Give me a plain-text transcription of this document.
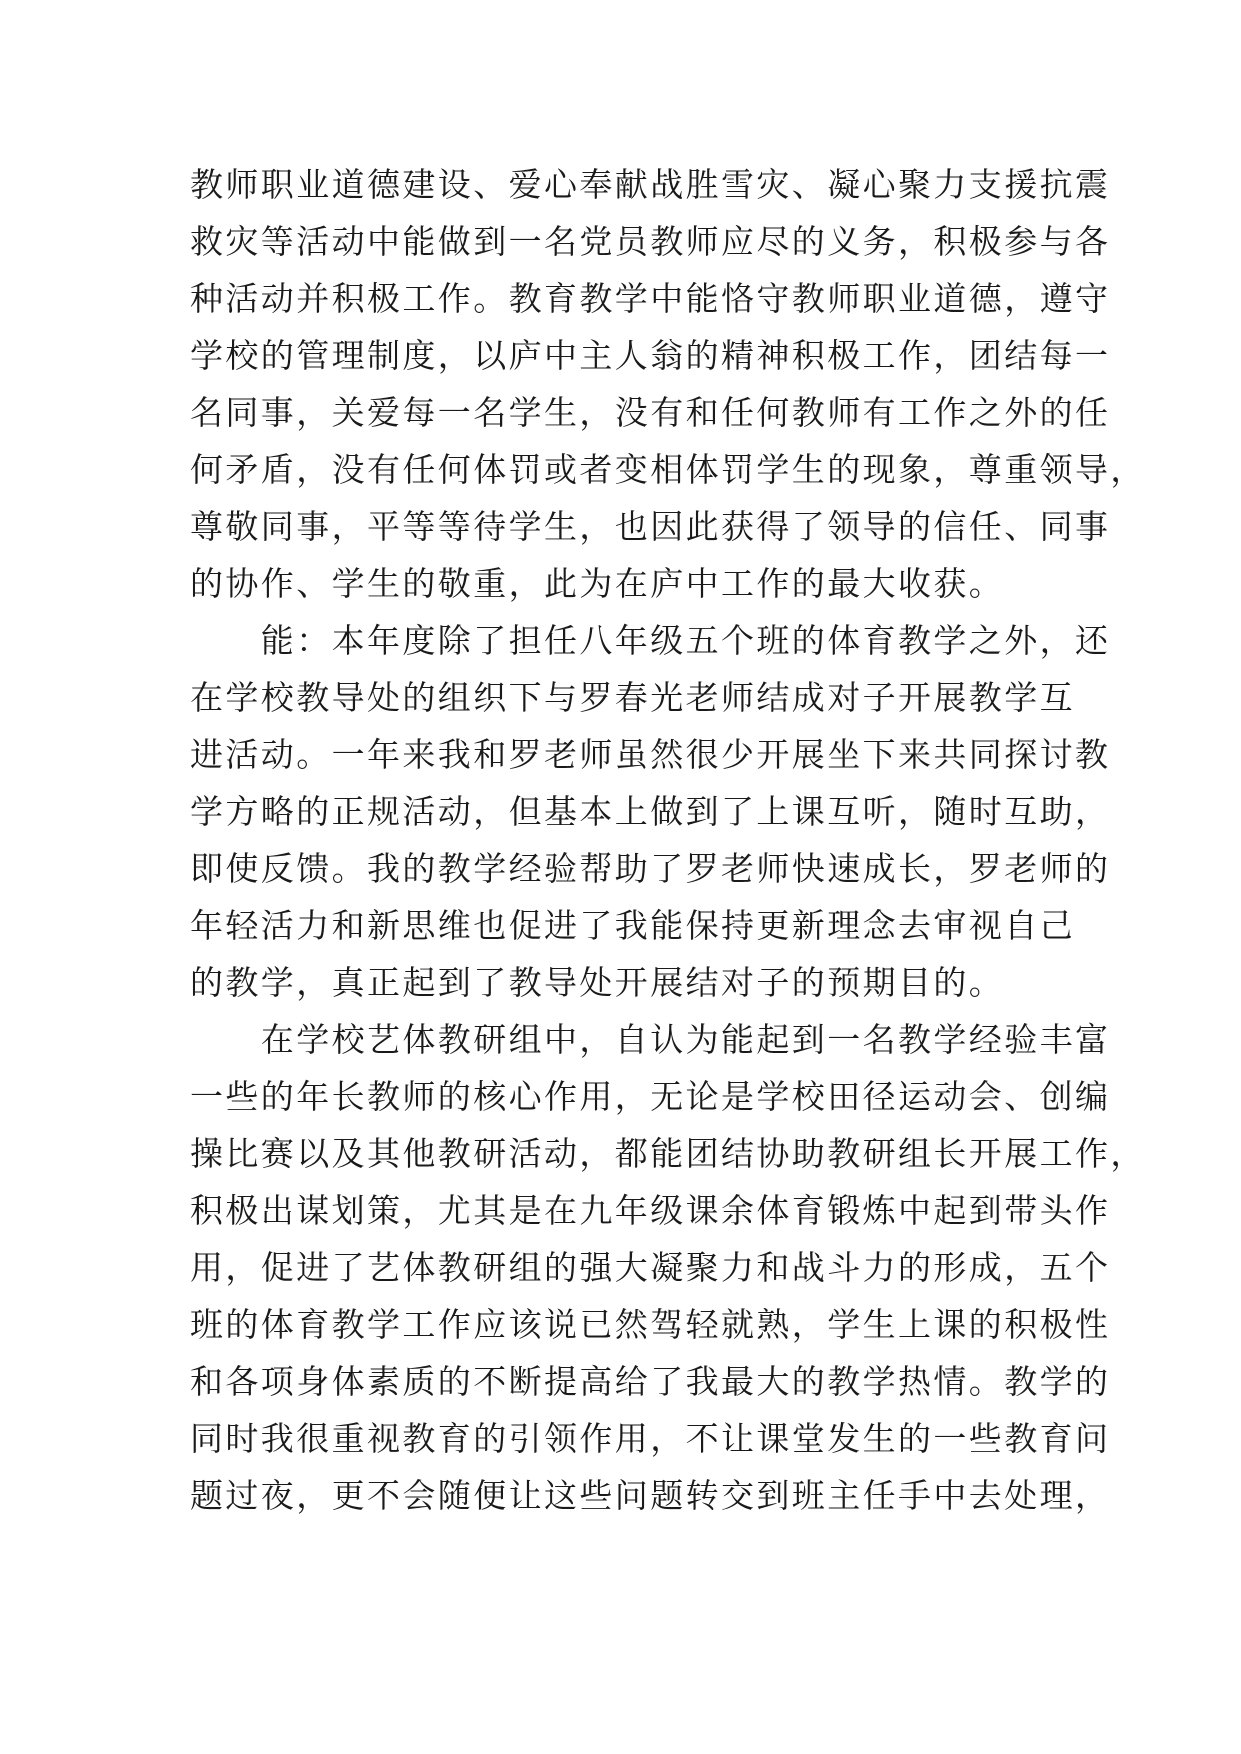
教师职业道德建设、爱心奉献战胜雪灾、凝心聚力支援抗震
救灾等活动中能做到一名党员教师应尽的义务，积极参与各
种活动并积极工作。教育教学中能恪守教师职业道德，遵守
学校的管理制度，以庐中主人翁的精神积极工作，团结每一
名同事，关爱每一名学生，没有和任何教师有工作之外的任
何矛盾，没有任何体罚或者变相体罚学生的现象，尊重领导，
尊敬同事，平等等待学生，也因此获得了领导的信任、同事
的协作、学生的敬重，此为在庐中工作的最大收获。
　　能：本年度除了担任八年级五个班的体育教学之外，还
在学校教导处的组织下与罗春光老师结成对子开展教学互
进活动。一年来我和罗老师虽然很少开展坐下来共同探讨教
学方略的正规活动，但基本上做到了上课互听，随时互助，
即使反馈。我的教学经验帮助了罗老师快速成长，罗老师的
年轻活力和新思维也促进了我能保持更新理念去审视自己
的教学，真正起到了教导处开展结对子的预期目的。
　　在学校艺体教研组中，自认为能起到一名教学经验丰富
一些的年长教师的核心作用，无论是学校田径运动会、创编
操比赛以及其他教研活动，都能团结协助教研组长开展工作，
积极出谋划策，尤其是在九年级课余体育锻炼中起到带头作
用，促进了艺体教研组的强大凝聚力和战斗力的形成，五个
班的体育教学工作应该说已然驾轻就熟，学生上课的积极性
和各项身体素质的不断提高给了我最大的教学热情。教学的
同时我很重视教育的引领作用，不让课堂发生的一些教育问
题过夜，更不会随便让这些问题转交到班主任手中去处理，
